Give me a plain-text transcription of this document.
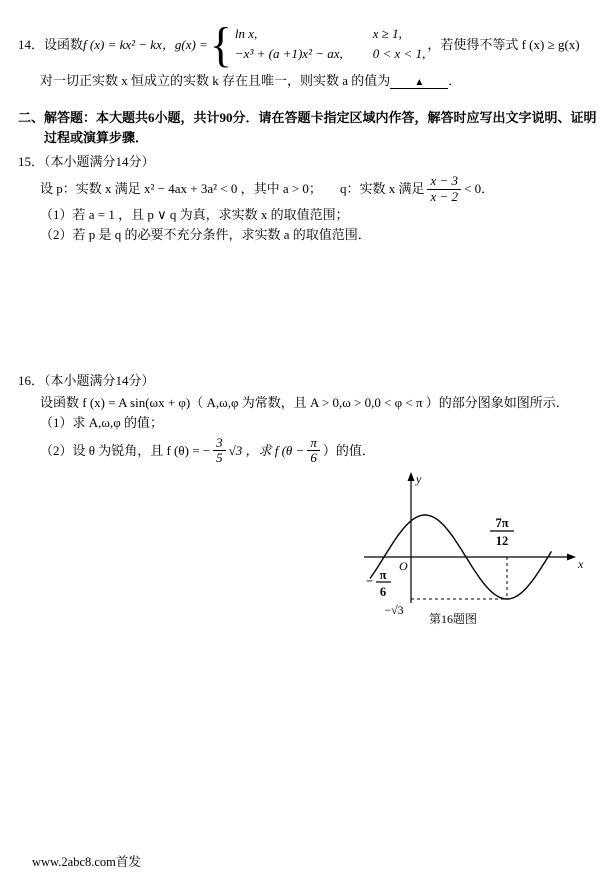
14． 设函数 f (x) = kx² − kx， g(x) = { ln x,	x ≥ 1,
−x³ + (a +1)x² − ax, 0 < x < 1,
，若使得不等式 f (x) ≥ g(x)
对一切正实数 x 恒成立的实数 k 存在且唯一，则实数 a 的值为 ▲ ．
二、解答题：本大题共6小题，共计90分．请在答题卡指定区域内作答，解答时应写出文字说明、证明过程或演算步骤．
15．（本小题满分14分）
设 p：实数 x 满足 x² − 4ax + 3a² < 0 ，其中 a > 0； q：实数 x 满足 $\frac{x - 3}{x - 2} < 0$．
（1）若 a = 1 ，且 p ∨ q 为真，求实数 x 的取值范围；
（2）若 p 是 q 的必要不充分条件，求实数 a 的取值范围．
16．（本小题满分14分）
设函数 f (x) = A sin(ωx + φ)（ A,ω,φ 为常数，且 A > 0,ω > 0,0 < φ < π ）的部分图象如图所示．
（1）求 A,ω,φ 的值；
（2）设 θ 为锐角，且 f (θ) = − $\frac{3}{5} √3$ ，求 f ($\theta - \frac{\pi}{6}$ ）的值．
y
x
O
− π
6
7π
12
−√3
第16题图
www.2abc8.com首发
